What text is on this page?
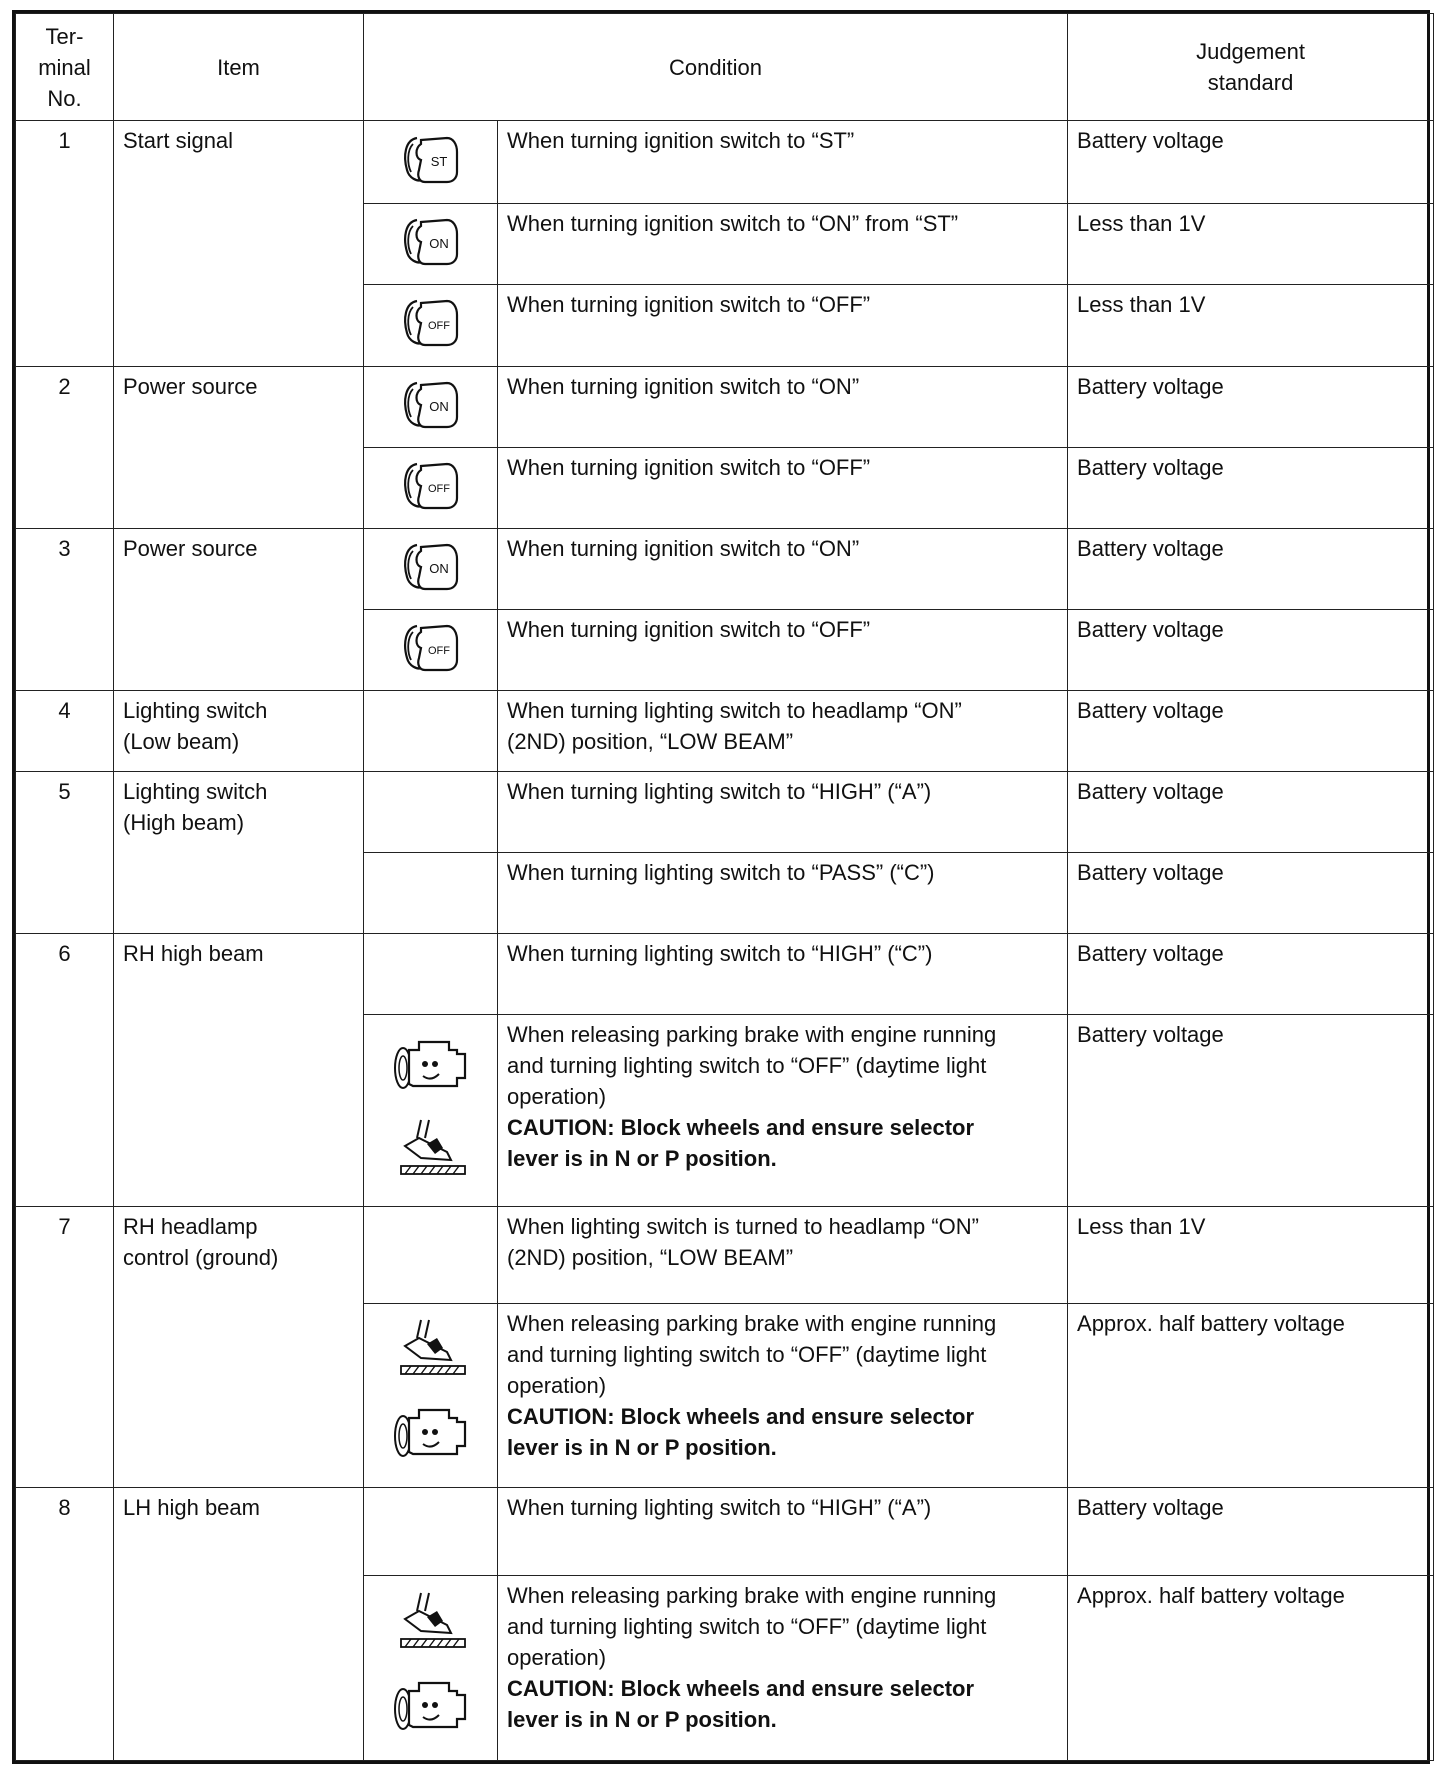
Ter-
minal
No.	Item	Condition		Judgement
standard

1	Start signal	ST	When turning ignition switch to “ST”	Battery voltage

ON	When turning ignition switch to “ON” from “ST”	Less than 1V

OFF	When turning ignition switch to “OFF”	Less than 1V
2	Power source	ON	When turning ignition switch to “ON”	Battery voltage

OFF	When turning ignition switch to “OFF”	Battery voltage
3	Power source	ON	When turning ignition switch to “ON”	Battery voltage

OFF	When turning ignition switch to “OFF”	Battery voltage
4	Lighting switch
(Low beam)		When turning lighting switch to headlamp “ON”
(2ND) position, “LOW BEAM”	Battery voltage
5	Lighting switch
(High beam)		When turning lighting switch to “HIGH” (“A”)	Battery voltage
			When turning lighting switch to “PASS” (“C”)	Battery voltage
6	RH high beam		When turning lighting switch to “HIGH” (“C”)	Battery voltage

When releasing parking brake with engine running
and turning lighting switch to “OFF” (daytime light
operation)
CAUTION: Block wheels and ensure selector
lever is in N or P position.	Battery voltage
7	RH headlamp
control (ground)		When lighting switch is turned to headlamp “ON”
(2ND) position, “LOW BEAM”	Less than 1V

When releasing parking brake with engine running
and turning lighting switch to “OFF” (daytime light
operation)
CAUTION: Block wheels and ensure selector
lever is in N or P position.	Approx. half battery voltage
8	LH high beam		When turning lighting switch to “HIGH” (“A”)	Battery voltage

When releasing parking brake with engine running
and turning lighting switch to “OFF” (daytime light
operation)
CAUTION: Block wheels and ensure selector
lever is in N or P position.	Approx. half battery voltage
